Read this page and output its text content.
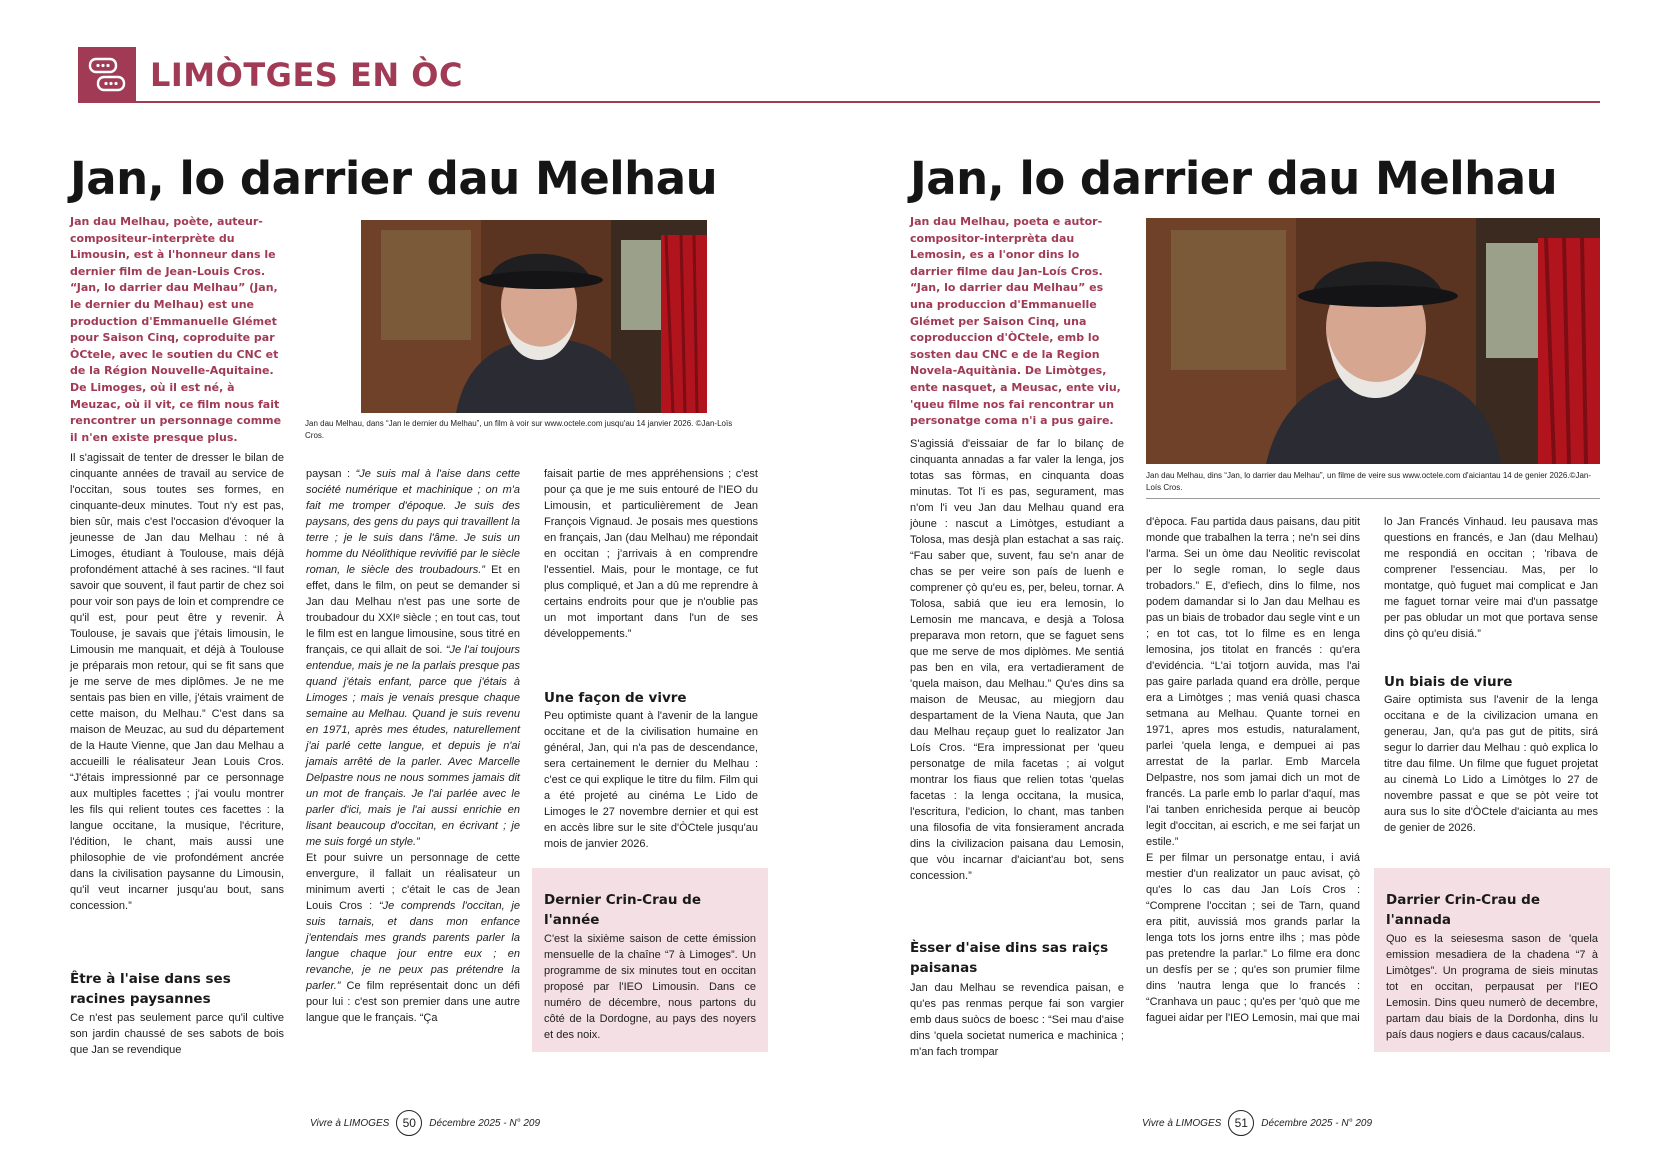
LIMÒTGES EN ÒC
Jan, lo darrier dau Melhau
Jan dau Melhau, poète, auteur-compositeur-interprète du Limousin, est à l'honneur dans le dernier film de Jean-Louis Cros. “Jan, lo darrier dau Melhau” (Jan, le dernier du Melhau) est une production d'Emmanuelle Glémet pour Saison Cinq, coproduite par ÒCtele, avec le soutien du CNC et de la Région Nouvelle-Aquitaine. De Limoges, où il est né, à Meuzac, où il vit, ce film nous fait rencontrer un personnage comme il n'en existe presque plus.
Jan dau Melhau, dans “Jan le dernier du Melhau”, un film à voir sur www.octele.com jusqu'au 14 janvier 2026. ©Jan-Loïs Cros.
Il s'agissait de tenter de dresser le bilan de cinquante années de travail au service de l'occitan, sous toutes ses formes, en cinquante-deux minutes. Tout n'y est pas, bien sûr, mais c'est l'occasion d'évoquer la jeunesse de Jan dau Melhau : né à Limoges, étudiant à Toulouse, mais déjà profondément attaché à ses racines. “Il faut savoir que souvent, il faut partir de chez soi pour voir son pays de loin et comprendre ce qu'il est, pour peut être y revenir. À Toulouse, je savais que j'étais limousin, le Limousin me manquait, et déjà à Toulouse je préparais mon retour, qui se fit sans que je me serve de mes diplômes. Je ne me sentais pas bien en ville, j'étais vraiment de cette maison, du Melhau.” C'est dans sa maison de Meuzac, au sud du département de la Haute Vienne, que Jan dau Melhau a accueilli le réalisateur Jean Louis Cros. “J'étais impressionné par ce personnage aux multiples facettes ; j'ai voulu montrer les fils qui relient toutes ces facettes : la langue occitane, la musique, l'écriture, l'édition, le chant, mais aussi une philosophie de vie profondément ancrée dans la civilisation paysanne du Limousin, qu'il veut incarner jusqu'au bout, sans concession.”
Être à l'aise dans ses racines paysannes
Ce n'est pas seulement parce qu'il cultive son jardin chaussé de ses sabots de bois que Jan se revendique
paysan : “Je suis mal à l'aise dans cette société numérique et machinique ; on m'a fait me tromper d'époque. Je suis des paysans, des gens du pays qui travaillent la terre ; je le suis dans l'âme. Je suis un homme du Néolithique revivifié par le siècle roman, le siècle des troubadours.” Et en effet, dans le film, on peut se demander si Jan dau Melhau n'est pas une sorte de troubadour du XXIᵉ siècle ; en tout cas, tout le film est en langue limousine, sous titré en français, ce qui allait de soi. “Je l'ai toujours entendue, mais je ne la parlais presque pas quand j'étais enfant, parce que j'étais à Limoges ; mais je venais presque chaque semaine au Melhau. Quand je suis revenu en 1971, après mes études, naturellement j'ai parlé cette langue, et depuis je n'ai jamais arrêté de la parler. Avec Marcelle Delpastre nous ne nous sommes jamais dit un mot de français. Je l'ai parlée avec le parler d'ici, mais je l'ai aussi enrichie en lisant beaucoup d'occitan, en écrivant ; je me suis forgé un style.”
Et pour suivre un personnage de cette envergure, il fallait un réalisateur un minimum averti ; c'était le cas de Jean Louis Cros : “Je comprends l'occitan, je suis tarnais, et dans mon enfance j'entendais mes grands parents parler la langue chaque jour entre eux ; en revanche, je ne peux pas prétendre la parler.” Ce film représentait donc un défi pour lui : c'est son premier dans une autre langue que le français. “Ça
faisait partie de mes appréhensions ; c'est pour ça que je me suis entouré de l'IEO du Limousin, et particulièrement de Jean François Vignaud. Je posais mes questions en français, Jan (dau Melhau) me répondait en occitan ; j'arrivais à en comprendre l'essentiel. Mais, pour le montage, ce fut plus compliqué, et Jan a dû me reprendre à certains endroits pour que je n'oublie pas un mot important dans l'un de ses développements.”
Une façon de vivre
Peu optimiste quant à l'avenir de la langue occitane et de la civilisation humaine en général, Jan, qui n'a pas de descendance, sera certainement le dernier du Melhau : c'est ce qui explique le titre du film. Film qui a été projeté au cinéma Le Lido de Limoges le 27 novembre dernier et qui est en accès libre sur le site d'ÒCtele jusqu'au mois de janvier 2026.
Dernier Crin-Crau de l'année
C'est la sixième saison de cette émission mensuelle de la chaîne “7 à Limoges”. Un programme de six minutes tout en occitan proposé par l'IEO Limousin. Dans ce numéro de décembre, nous partons du côté de la Dordogne, au pays des noyers et des noix.
Vivre à LIMOGES	50	Décembre 2025 - N° 209
Jan, lo darrier dau Melhau
Jan dau Melhau, poeta e autor-compositor-interprèta dau Lemosin, es a l'onor dins lo darrier filme dau Jan-Loís Cros. “Jan, lo darrier dau Melhau” es una produccion d'Emmanuelle Glémet per Saison Cinq, una coproduccion d'ÒCtele, emb lo sosten dau CNC e de la Region Novela-Aquitània. De Limòtges, ente nasquet, a Meusac, ente viu, 'queu filme nos fai rencontrar un personatge coma n'i a pus gaire.
Jan dau Melhau, dins “Jan, lo darrier dau Melhau”, un filme de veire sus www.octele.com d'aiciantau 14 de genier 2026.©Jan-Loís Cros.
S'agissiá d'eissaiar de far lo bilanç de cinquanta annadas a far valer la lenga, jos totas sas fòrmas, en cinquanta doas minutas. Tot l'i es pas, segurament, mas n'om l'i veu Jan dau Melhau quand era jòune : nascut a Limòtges, estudiant a Tolosa, mas desjà plan estachat a sas raiç. “Fau saber que, suvent, fau se'n anar de chas se per veire son país de luenh e comprener çò qu'eu es, per, beleu, tornar. A Tolosa, sabiá que ieu era lemosin, lo Lemosin me mancava, e desjà a Tolosa preparava mon retorn, que se faguet sens que me serve de mos diplòmes. Me sentiá pas ben en vila, era vertadierament de 'quela maison, dau Melhau.” Qu'es dins sa maison de Meusac, au miegjorn dau despartament de la Viena Nauta, que Jan dau Melhau reçaup guet lo realizator Jan Loís Cros. “Era impressionat per 'queu personatge de mila facetas ; ai volgut montrar los fiaus que relien totas 'quelas facetas : la lenga occitana, la musica, l'escritura, l'edicion, lo chant, mas tanben una filosofia de vita fonsierament ancrada dins la civilizacion paisana dau Lemosin, que vòu incarnar d'aiciant'au bot, sens concession.”
Èsser d'aise dins sas raiçs paisanas
Jan dau Melhau se revendica paisan, e qu'es pas renmas perque fai son vargier emb daus suòcs de boesc : “Sei mau d'aise dins 'quela societat numerica e machinica ; m'an fach trompar
d'època. Fau partida daus paisans, dau pitit monde que trabalhen la terra ; ne'n sei dins l'arma. Sei un òme dau Neolitic reviscolat per lo segle roman, lo segle daus trobadors.” E, d'efiech, dins lo filme, nos podem damandar si lo Jan dau Melhau es pas un biais de trobador dau segle vint e un ; en tot cas, tot lo filme es en lenga lemosina, jos titolat en francés : qu'era d'evidéncia. “L'ai totjorn auvida, mas l'ai pas gaire parlada quand era dròlle, perque era a Limòtges ; mas veniá quasi chasca setmana au Melhau. Quante tornei en 1971, apres mos estudis, naturalament, parlei 'quela lenga, e dempuei ai pas arrestat de la parlar. Emb Marcela Delpastre, nos som jamai dich un mot de francés. La parle emb lo parlar d'aquí, mas l'ai tanben enrichesida perque ai beucòp legit d'occitan, ai escrich, e me sei farjat un estile.”
E per filmar un personatge entau, i aviá mestier d'un realizator un pauc avisat, çò qu'es lo cas dau Jan Loís Cros : “Comprene l'occitan ; sei de Tarn, quand era pitit, auvissiá mos grands parlar la lenga tots los jorns entre ilhs ; mas pòde pas pretendre la parlar.” Lo filme era donc un desfís per se ; qu'es son prumier filme dins 'nautra lenga que lo francés : “Cranhava un pauc ; qu'es per 'quò que me faguei aidar per l'IEO Lemosin, mai que mai
lo Jan Francés Vinhaud. Ieu pausava mas questions en francés, e Jan (dau Melhau) me respondiá en occitan ; 'ribava de comprener l'essenciau. Mas, per lo montatge, quò fuguet mai complicat e Jan me faguet tornar veire mai d'un passatge per pas obludar un mot que portava sense dins çò qu'eu disiá.”
Un biais de viure
Gaire optimista sus l'avenir de la lenga occitana e de la civilizacion umana en generau, Jan, qu'a pas gut de pitits, sirá segur lo darrier dau Melhau : quò explica lo titre dau filme. Un filme que fuguet projetat au cinemà Lo Lido a Limòtges lo 27 de novembre passat e que se pòt veire tot aura sus lo site d'ÒCtele d'aicianta au mes de genier de 2026.
Darrier Crin-Crau de l'annada
Quo es la seiesesma sason de 'quela emission mesadiera de la chadena “7 à Limòtges”. Un programa de sieis minutas tot en occitan, perpausat per l'IEO Lemosin. Dins queu numerò de decembre, partam dau biais de la Dordonha, dins lu país daus nogiers e daus cacaus/calaus.
Vivre à LIMOGES	51	Décembre 2025 - N° 209
